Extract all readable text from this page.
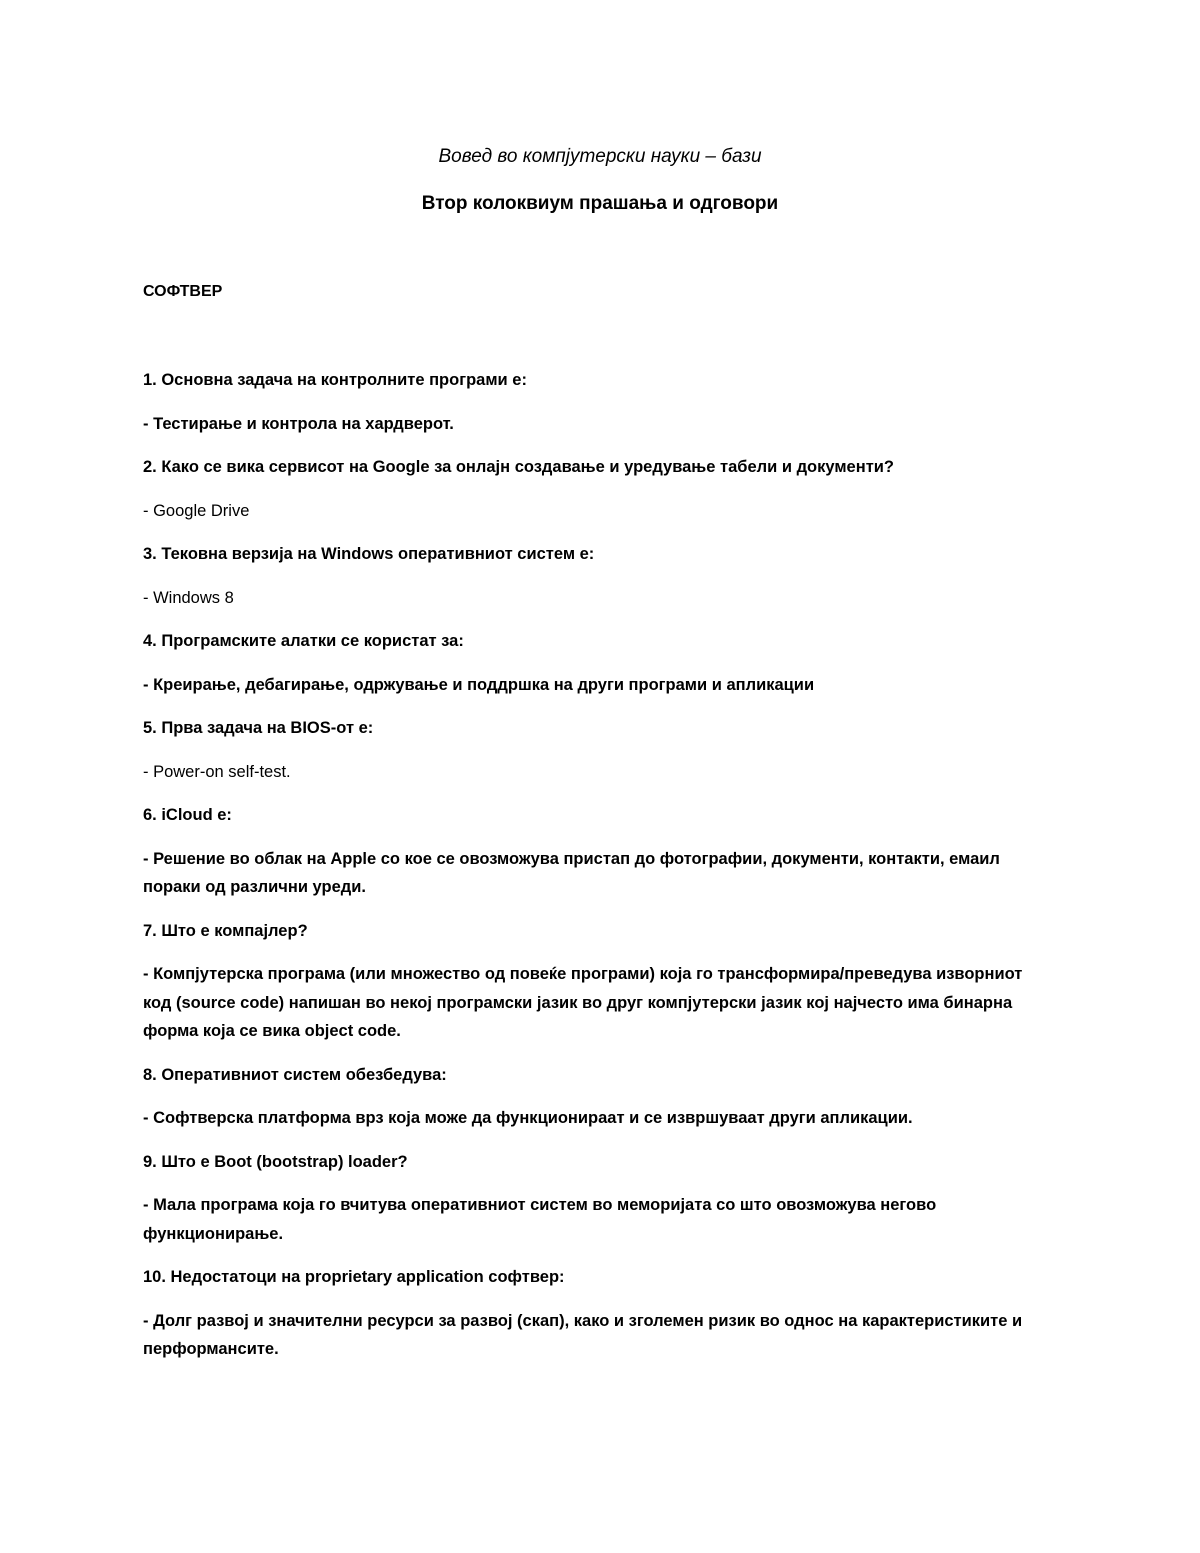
Вовед во компјутерски науки – бази

Втор колоквиум прашања и одговори

СОФТВЕР

1. Основна задача на контролните програми е:

- Тестирање и контрола на хардверот.

2. Како се вика сервисот на Google за онлајн создавање и уредување табели и документи?

- Google Drive

3. Тековна верзија на Windows оперативниот систем е:

- Windows 8

4. Програмските алатки се користат за:

- Креирање, дебагирање, одржување и поддршка на други програми и апликации

5. Прва задача на BIOS-от е:

- Power-on self-test.

6. iCloud е:

- Решение во облак на Apple со кое се овозможува пристап до фотографии, документи, контакти, емаил пораки од различни уреди.

7. Што е компајлер?

- Компјутерска програма (или множество од повеќе програми) која го трансформира/преведува изворниот код (source code) напишан во некој програмски јазик во друг компјутерски јазик кој најчесто има бинарна форма која се вика object code.

8. Оперативниот систем обезбедува:

- Софтверска платформа врз која може да функционираат и се извршуваат други апликации.

9. Што е Boot (bootstrap) loader?

- Мала програма која го вчитува оперативниот систем во меморијата со што овозможува негово функционирање.

10. Недостатоци на proprietary application софтвер:

- Долг развој и значителни ресурси за развој (скап), како и зголемен ризик во однос на карактеристиките и перформансите.
